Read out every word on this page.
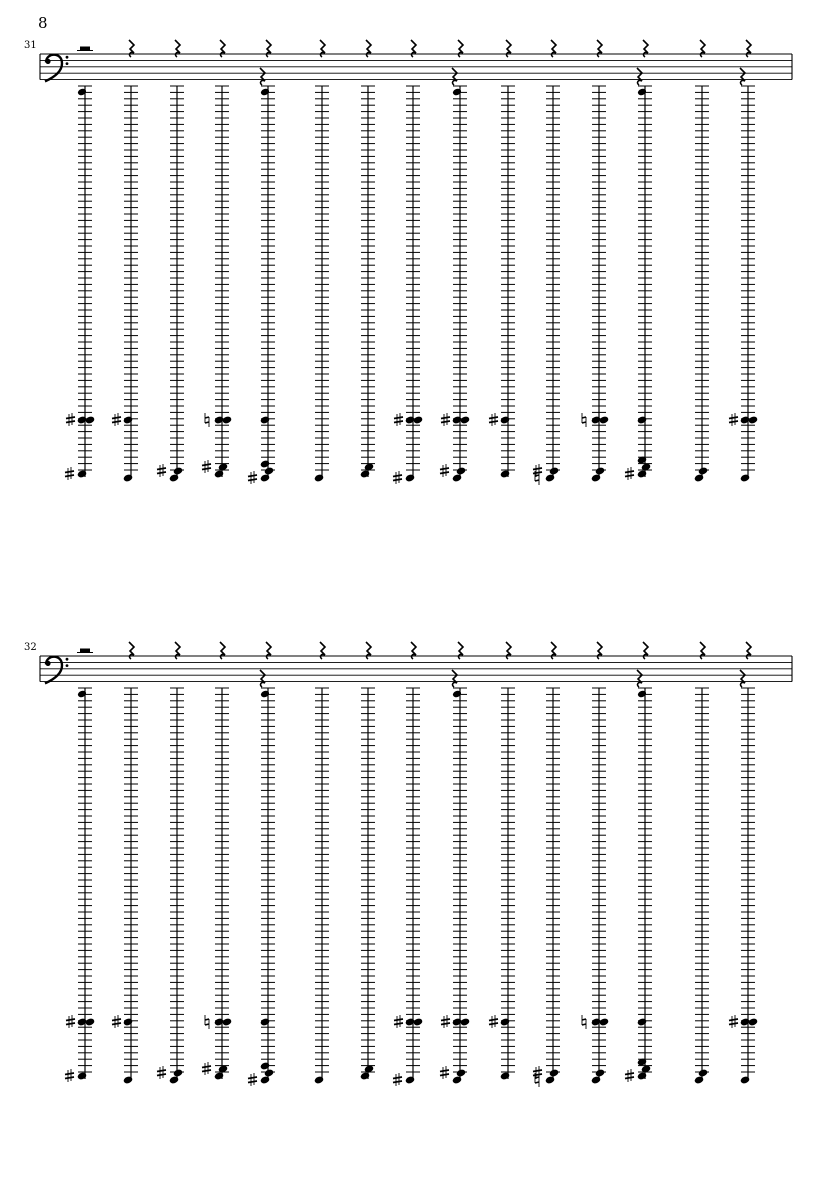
8
31
32
